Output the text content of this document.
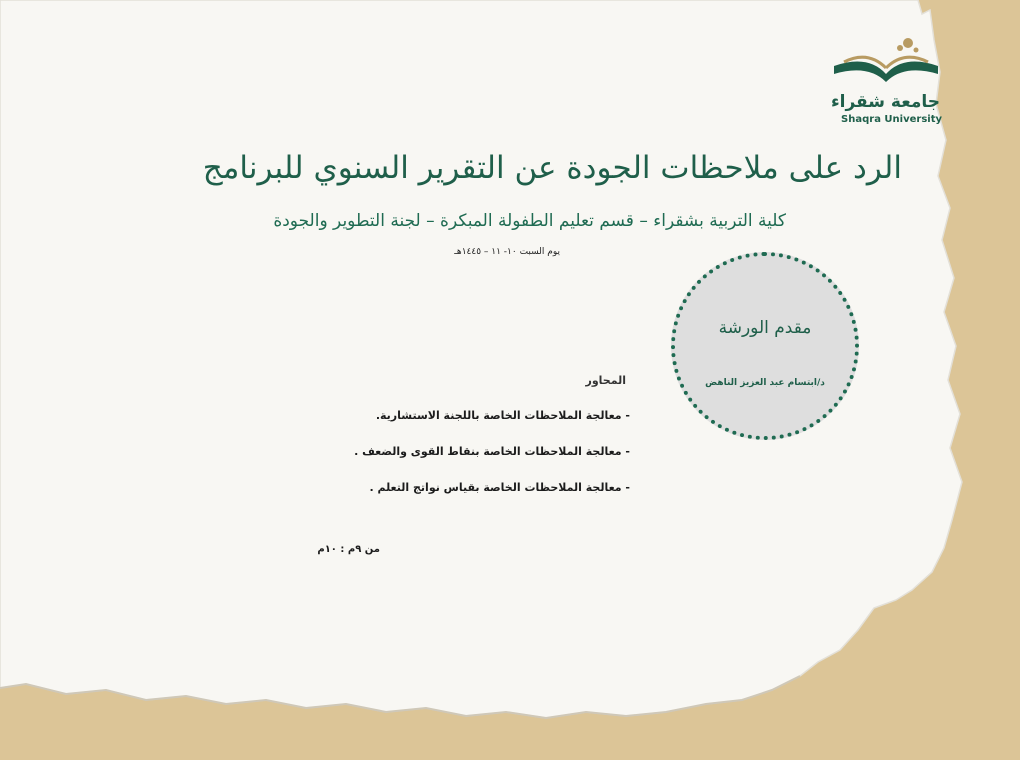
جامعة شقراء
Shaqra University
الرد على ملاحظات الجودة عن التقرير السنوي للبرنامج
كلية التربية بشقراء – قسم تعليم الطفولة المبكرة – لجنة التطوير والجودة
يوم السبت ١٠- ١١ – ١٤٤٥هـ
مقدم الورشة
د/ابتسام عبد العزيز الناهض
المحاور
- معالجة الملاحظات الخاصة باللجنة الاستشارية.
- معالجة الملاحظات الخاصة بنقاط القوى والضعف .
- معالجة الملاحظات الخاصة بقياس نواتج التعلم .
من ٩م : ١٠م
